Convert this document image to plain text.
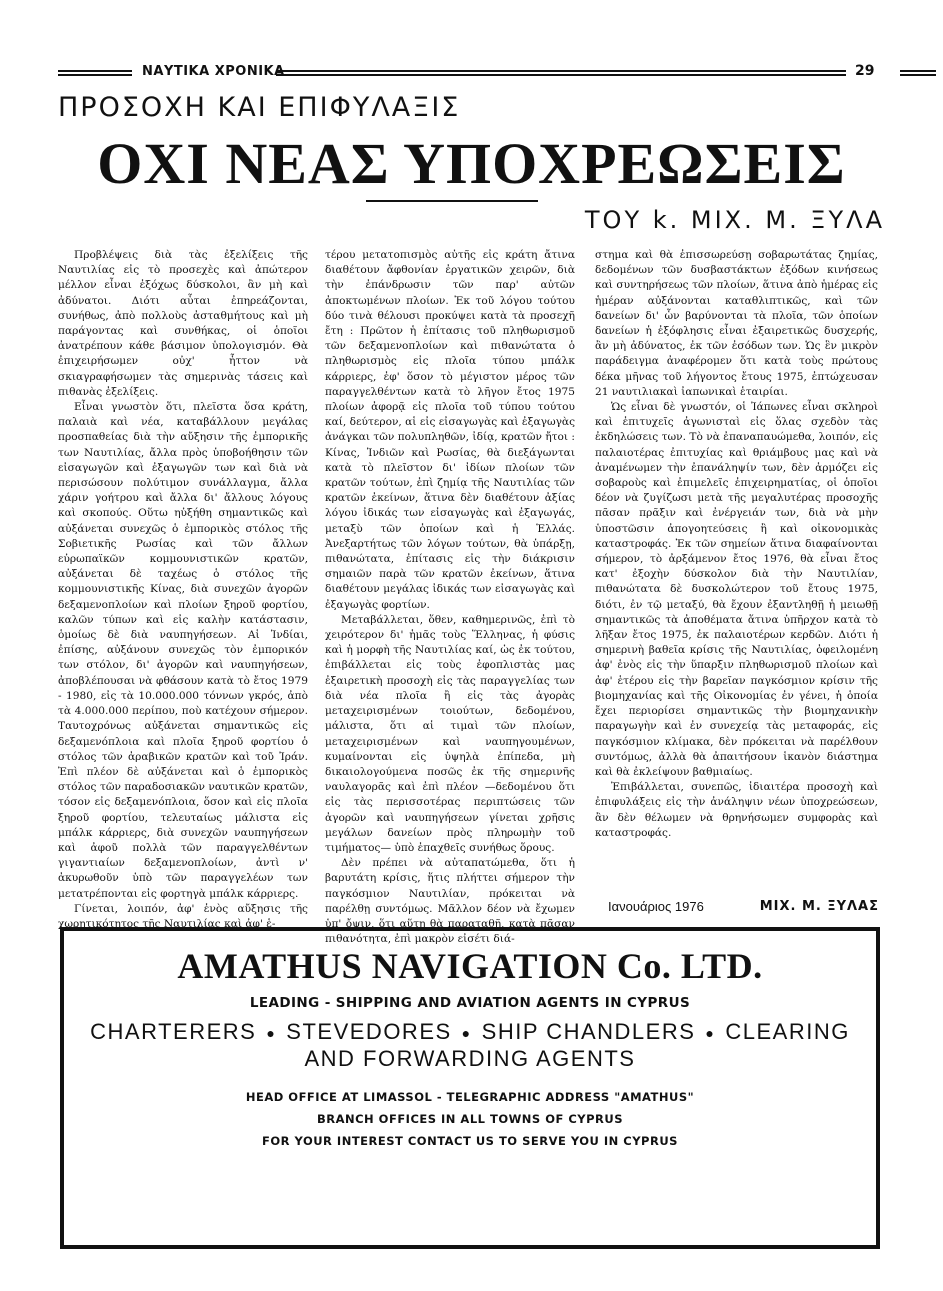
ΝΑΥΤΙΚΑ ΧΡΟΝΙΚΑ	29
ΠΡΟΣΟΧΗ ΚΑΙ ΕΠΙΦΥΛΑΞΙΣ
ΟΧΙ ΝΕΑΣ ΥΠΟΧΡΕΩΣΕΙΣ
ΤΟΥ k. ΜΙΧ. Μ. ΞΥΛΑ

Προβλέψεις διὰ τὰς ἐξελίξεις τῆς Ναυτιλίας εἰς τὸ προσεχὲς καὶ ἀπώτερον μέλλον εἶναι ἐξόχως δύσκολοι, ἂν μὴ καὶ ἀδύνατοι. Διότι αὗται ἐπηρεάζονται, συνήθως, ἀπὸ πολλοὺς ἀσταθμήτους καὶ μὴ παράγοντας καὶ συνθήκας, οἱ ὁποῖοι ἀνατρέπουν κάθε βάσιμον ὑπολογισμόν. Θὰ ἐπιχειρήσωμεν οὐχ' ἧττον νὰ σκιαγραφήσωμεν τὰς σημερινὰς τάσεις καὶ πιθανὰς ἐξελίξεις.

Εἶναι γνωστὸν ὅτι, πλεῖστα ὅσα κράτη, παλαιὰ καὶ νέα, καταβάλλουν μεγάλας προσπαθείας διὰ τὴν αὔξησιν τῆς ἐμπορικῆς των Ναυτιλίας, ἄλλα πρὸς ὑποβοήθησιν τῶν εἰσαγωγῶν καὶ ἐξαγωγῶν των καὶ διὰ νὰ περισώσουν πολύτιμον συνάλλαγμα, ἄλλα χάριν γοήτρου καὶ ἄλλα δι' ἄλλους λόγους καὶ σκοπούς. Οὕτω ηὐξήθη σημαντικῶς καὶ αὐξάνεται συνεχῶς ὁ ἐμπορικὸς στόλος τῆς Σοβιετικῆς Ρωσίας καὶ τῶν ἄλλων εὐρωπαϊκῶν κομμουνιστικῶν κρατῶν, αὐξάνεται δὲ ταχέως ὁ στόλος τῆς κομμουνιστικῆς Κίνας, διὰ συνεχῶν ἀγορῶν δεξαμενοπλοίων καὶ πλοίων ξηροῦ φορτίου, καλῶν τύπων καὶ εἰς καλὴν κατάστασιν, ὁμοίως δὲ διὰ ναυπηγήσεων. Αἱ Ἰνδίαι, ἐπίσης, αὐξάνουν συνεχῶς τὸν ἐμπορικόν των στόλον, δι' ἀγορῶν καὶ ναυπηγήσεων, ἀποβλέπουσαι νὰ φθάσουν κατὰ τὸ ἔτος 1979 - 1980, εἰς τὰ 10.000.000 τόννων γκρός, ἀπὸ τὰ 4.000.000 περίπου, ποὺ κατέχουν σήμερον. Ταυτοχρόνως αὐξάνεται σημαντικῶς εἰς δεξαμενόπλοια καὶ πλοῖα ξηροῦ φορτίου ὁ στόλος τῶν ἀραβικῶν κρατῶν καὶ τοῦ Ἰράν. Ἐπὶ πλέον δὲ αὐξάνεται καὶ ὁ ἐμπορικὸς στόλος τῶν παραδοσιακῶν ναυτικῶν κρατῶν, τόσον εἰς δεξαμενόπλοια, ὅσον καὶ εἰς πλοῖα ξηροῦ φορτίου, τελευταίως μάλιστα εἰς μπάλκ κάρριερς, διὰ συνεχῶν ναυπηγήσεων καὶ ἀφοῦ πολλὰ τῶν παραγγελθέντων γιγαντιαίων δεξαμενοπλοίων, ἀντὶ ν' ἀκυρωθοῦν ὑπὸ τῶν παραγγελέων των μετατρέπονται εἰς φορτηγὰ μπάλκ κάρριερς.

Γίνεται, λοιπόν, ἀφ' ἑνὸς αὔξησις τῆς χωρητικότητος τῆς Ναυτιλίας καὶ ἀφ' ἑ-

τέρου μετατοπισμὸς αὐτῆς εἰς κράτη ἄτινα διαθέτουν ἄφθονίαν ἐργατικῶν χειρῶν, διὰ τὴν ἐπάνδρωσιν τῶν παρ' αὐτῶν ἀποκτωμένων πλοίων. Ἐκ τοῦ λόγου τούτου δύο τινὰ θέλουσι προκύψει κατὰ τὰ προσεχῆ ἔτη : Πρῶτον ἡ ἐπίτασις τοῦ πληθωρισμοῦ τῶν δεξαμενοπλοίων καὶ πιθανώτατα ὁ πληθωρισμὸς εἰς πλοῖα τύπου μπάλκ κάρριερς, ἐφ' ὅσον τὸ μέγιστον μέρος τῶν παραγγελθέντων κατὰ τὸ λῆγον ἔτος 1975 πλοίων ἀφορᾷ εἰς πλοῖα τοῦ τύπου τούτου καί, δεύτερον, αἱ εἰς εἰσαγωγὰς καὶ ἐξαγωγὰς ἀνάγκαι τῶν πολυπληθῶν, ἰδίᾳ, κρατῶν ἤτοι : Κίνας, Ἰνδιῶν καὶ Ρωσίας, θὰ διεξάγωνται κατὰ τὸ πλεῖστον δι' ἰδίων πλοίων τῶν κρατῶν τούτων, ἐπὶ ζημίᾳ τῆς Ναυτιλίας τῶν κρατῶν ἐκείνων, ἅτινα δὲν διαθέτουν ἀξίας λόγου ἰδικάς των εἰσαγωγὰς καὶ ἐξαγωγάς, μεταξὺ τῶν ὁποίων καὶ ἡ Ἑλλάς. Ἀνεξαρτήτως τῶν λόγων τούτων, θὰ ὑπάρξῃ, πιθανώτατα, ἐπίτασις εἰς τὴν διάκρισιν σημαιῶν παρὰ τῶν κρατῶν ἐκείνων, ἅτινα διαθέτουν μεγάλας ἰδικάς των εἰσαγωγὰς καὶ ἐξαγωγὰς φορτίων.

Μεταβάλλεται, ὅθεν, καθημερινῶς, ἐπὶ τὸ χειρότερον δι' ἡμᾶς τοὺς Ἕλληνας, ἡ φύσις καὶ ἡ μορφὴ τῆς Ναυτιλίας καί, ὡς ἐκ τούτου, ἐπιβάλλεται εἰς τοὺς ἐφοπλιστὰς μας ἐξαιρετικὴ προσοχὴ εἰς τὰς παραγγελίας των διὰ νέα πλοῖα ἢ εἰς τὰς ἀγορὰς μεταχειρισμένων τοιούτων, δεδομένου, μάλιστα, ὅτι αἱ τιμαὶ τῶν πλοίων, μεταχειρισμένων καὶ ναυπηγουμένων, κυμαίνονται εἰς ὑψηλὰ ἐπίπεδα, μὴ δικαιολογούμενα ποσῶς ἐκ τῆς σημερινῆς ναυλαγορᾶς καὶ ἐπὶ πλέον —δεδομένου ὅτι εἰς τὰς περισσοτέρας περιπτώσεις τῶν ἀγορῶν καὶ ναυπηγήσεων γίνεται χρῆσις μεγάλων δανείων πρὸς πληρωμὴν τοῦ τιμήματος— ὑπὸ ἐπαχθεῖς συνήθως ὅρους.

Δὲν πρέπει νὰ αὐταπατώμεθα, ὅτι ἡ βαρυτάτη κρίσις, ἥτις πλήττει σήμερον τὴν παγκόσμιον Ναυτιλίαν, πρόκειται νὰ παρέλθῃ συντόμως. Μᾶλλον δέον νὰ ἔχωμεν ὑπ' ὄψιν, ὅτι αὕτη θὰ παραταθῇ, κατὰ πᾶσαν πιθανότητα, ἐπὶ μακρὸν εἰσέτι διά-

στημα καὶ θὰ ἐπισσωρεύσῃ σοβαρωτάτας ζημίας, δεδομένων τῶν δυσβαστάκτων ἐξόδων κινήσεως καὶ συντηρήσεως τῶν πλοίων, ἅτινα ἀπὸ ἡμέρας εἰς ἡμέραν αὐξάνονται καταθλιπτικῶς, καὶ τῶν δανείων δι' ὧν βαρύνονται τὰ πλοῖα, τῶν ὁποίων δανείων ἡ ἐξόφλησις εἶναι ἐξαιρετικῶς δυσχερής, ἂν μὴ ἀδύνατος, ἐκ τῶν ἐσόδων των. Ὡς ἓν μικρὸν παράδειγμα ἀναφέρομεν ὅτι κατὰ τοὺς πρώτους δέκα μῆνας τοῦ λήγοντος ἔτους 1975, ἐπτώχευσαν 21 ναυτιλιακαὶ ἰαπωνικαὶ ἑταιρίαι.

Ὡς εἶναι δὲ γνωστόν, οἱ Ἰάπωνες εἶναι σκληροὶ καὶ ἐπιτυχεῖς ἀγωνισταὶ εἰς ὅλας σχεδὸν τὰς ἐκδηλώσεις των. Τὸ νὰ ἐπαναπαυώμεθα, λοιπόν, εἰς παλαιοτέρας ἐπιτυχίας καὶ θριάμβους μας καὶ νὰ ἀναμένωμεν τὴν ἐπανάληψίν των, δὲν ἁρμόζει εἰς σοβαροὺς καὶ ἐπιμελεῖς ἐπιχειρηματίας, οἱ ὁποῖοι δέον νὰ ζυγίζωσι μετὰ τῆς μεγαλυτέρας προσοχῆς πᾶσαν πρᾶξιν καὶ ἐνέργειάν των, διὰ νὰ μὴν ὑποστῶσιν ἀπογοητεύσεις ἢ καὶ οἰκονομικὰς καταστροφάς. Ἐκ τῶν σημείων ἅτινα διαφαίνονται σήμερον, τὸ ἀρξάμενον ἔτος 1976, θὰ εἶναι ἔτος κατ' ἐξοχὴν δύσκολον διὰ τὴν Ναυτιλίαν, πιθανώτατα δὲ δυσκολώτερον τοῦ ἔτους 1975, διότι, ἐν τῷ μεταξύ, θὰ ἔχουν ἐξαντληθῇ ἡ μειωθῇ σημαντικῶς τὰ ἀποθέματα ἅτινα ὑπῆρχον κατὰ τὸ λῆξαν ἔτος 1975, ἐκ παλαιοτέρων κερδῶν. Διότι ἡ σημερινὴ βαθεῖα κρίσις τῆς Ναυτιλίας, ὀφειλομένη ἀφ' ἑνὸς εἰς τὴν ὕπαρξιν πληθωρισμοῦ πλοίων καὶ ἀφ' ἑτέρου εἰς τὴν βαρεῖαν παγκόσμιον κρίσιν τῆς βιομηχανίας καὶ τῆς Οἰκονομίας ἐν γένει, ἡ ὁποία ἔχει περιορίσει σημαντικῶς τὴν βιομηχανικὴν παραγωγὴν καὶ ἐν συνεχείᾳ τὰς μεταφοράς, εἰς παγκόσμιον κλίμακα, δὲν πρόκειται νὰ παρέλθουν συντόμως, ἀλλὰ θὰ ἀπαιτήσουν ἱκανὸν διάστημα καὶ θὰ ἐκλείψουν βαθμιαίως.

Ἐπιβάλλεται, συνεπῶς, ἰδιαιτέρα προσοχὴ καὶ ἐπιφυλάξεις εἰς τὴν ἀνάληψιν νέων ὑποχρεώσεων, ἂν δὲν θέλωμεν νὰ θρηνήσωμεν συμφορὰς καὶ καταστροφάς.

Ιανουάριος 1976	ΜΙΧ. Μ. ΞΥΛΑΣ
AMATHUS NAVIGATION Co. LTD.
LEADING - SHIPPING AND AVIATION AGENTS IN CYPRUS
CHARTERERS ● STEVEDORES ● SHIP CHANDLERS ● CLEARING
AND FORWARDING AGENTS
HEAD OFFICE AT LIMASSOL - TELEGRAPHIC ADDRESS "AMATHUS"
BRANCH OFFICES IN ALL TOWNS OF CYPRUS
FOR YOUR INTEREST CONTACT US TO SERVE YOU IN CYPRUS
